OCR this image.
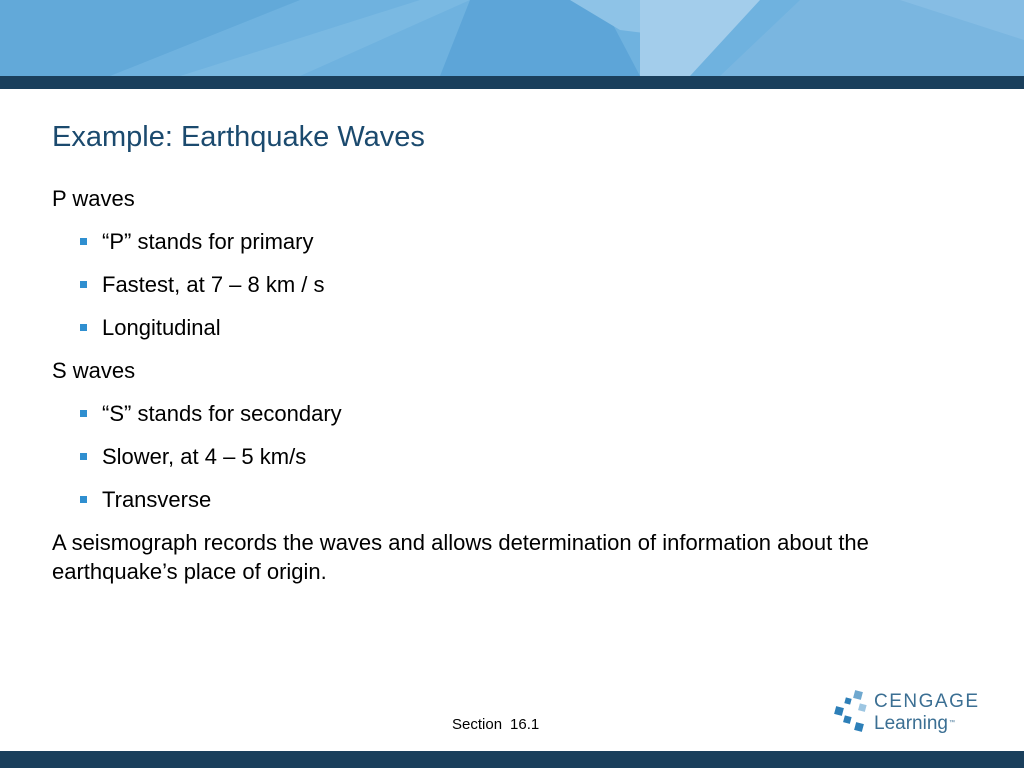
Example: Earthquake Waves

P waves

“P” stands for primary
Fastest, at 7 – 8 km / s
Longitudinal

S waves

“S” stands for secondary
Slower, at 4 – 5 km/s
Transverse

A seismograph records the waves and allows determination of information about the earthquake’s place of origin.

Section 16.1
CENGAGE
Learning ™
